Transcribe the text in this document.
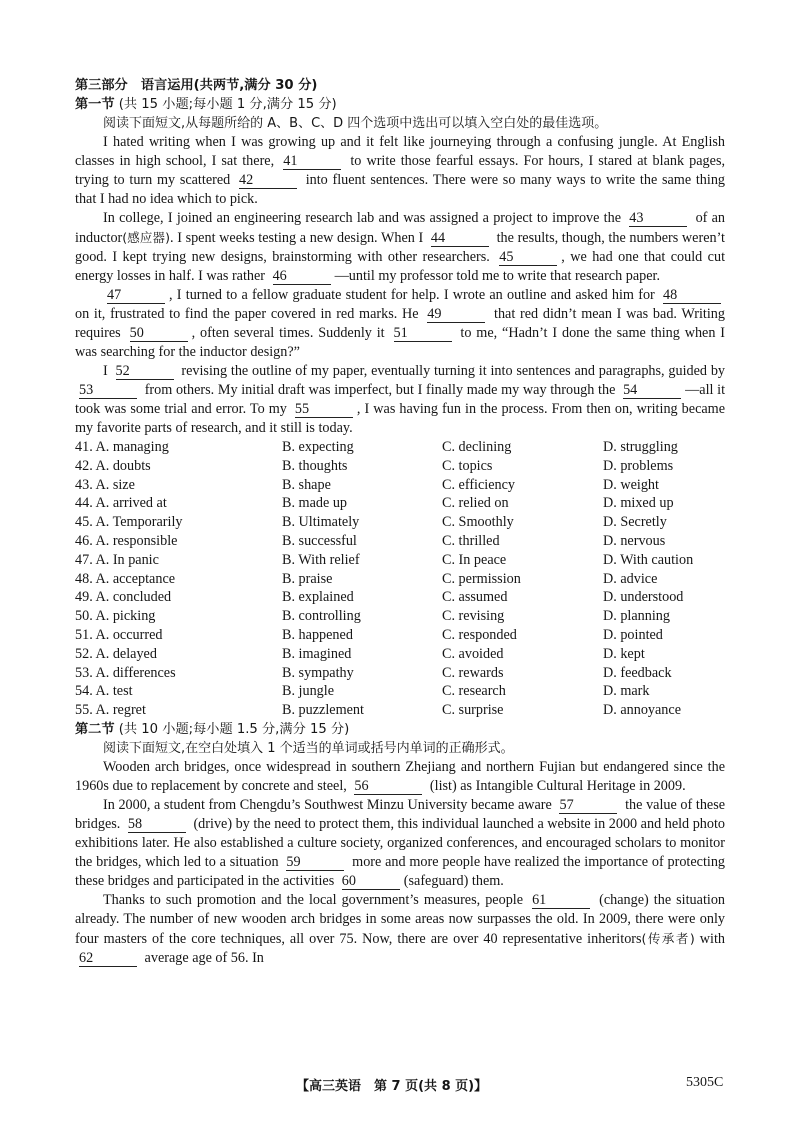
第三部分　语言运用(共两节,满分 30 分)
第一节 (共 15 小题;每小题 1 分,满分 15 分)
阅读下面短文,从每题所给的 A、B、C、D 四个选项中选出可以填入空白处的最佳选项。
I hated writing when I was growing up and it felt like journeying through a confusing jungle. At English classes in high school, I sat there, 41	to write those fearful essays. For hours, I stared at blank pages, trying to turn my scattered 42	into fluent sentences. There were so many ways to write the same thing that I had no idea which to pick.
In college, I joined an engineering research lab and was assigned a project to improve the 43	of an inductor(感应器). I spent weeks testing a new design. When I 44	the results, though, the numbers weren’t good. I kept trying new designs, brainstorming with other researchers. 45	, we had one that could cut energy losses in half. I was rather 46	—until my professor told me to write that research paper.
47	, I turned to a fellow graduate student for help. I wrote an outline and asked him for 48 on it, frustrated to find the paper covered in red marks. He 49	that red didn’t mean I was bad. Writing requires 50	, often several times. Suddenly it 51	to me, “Hadn’t I done the same thing when I was searching for the inductor design?”
I 52	revising the outline of my paper, eventually turning it into sentences and paragraphs, guided by 53	from others. My initial draft was imperfect, but I finally made my way through the 54	—all it took was some trial and error. To my 55	, I was having fun in the process. From then on, writing became my favorite parts of research, and it still is today.
41. A. managing	B. expecting	C. declining	D. struggling
42. A. doubts	B. thoughts	C. topics	D. problems
43. A. size	B. shape	C. efficiency	D. weight
44. A. arrived at	B. made up	C. relied on	D. mixed up
45. A. Temporarily	B. Ultimately	C. Smoothly	D. Secretly
46. A. responsible	B. successful	C. thrilled	D. nervous
47. A. In panic	B. With relief	C. In peace	D. With caution
48. A. acceptance	B. praise	C. permission	D. advice
49. A. concluded	B. explained	C. assumed	D. understood
50. A. picking	B. controlling	C. revising	D. planning
51. A. occurred	B. happened	C. responded	D. pointed
52. A. delayed	B. imagined	C. avoided	D. kept
53. A. differences	B. sympathy	C. rewards	D. feedback
54. A. test	B. jungle	C. research	D. mark
55. A. regret	B. puzzlement	C. surprise	D. annoyance
第二节 (共 10 小题;每小题 1.5 分,满分 15 分)
阅读下面短文,在空白处填入 1 个适当的单词或括号内单词的正确形式。
Wooden arch bridges, once widespread in southern Zhejiang and northern Fujian but endangered since the 1960s due to replacement by concrete and steel, 56	(list) as Intangible Cultural Heritage in 2009.
In 2000, a student from Chengdu’s Southwest Minzu University became aware 57	the value of these bridges. 58	(drive) by the need to protect them, this individual launched a website in 2000 and held photo exhibitions later. He also established a culture society, organized conferences, and encouraged scholars to monitor the bridges, which led to a situation 59	more and more people have realized the importance of protecting these bridges and participated in the activities 60	(safeguard) them.
Thanks to such promotion and the local government’s measures, people 61	(change) the situation already. The number of new wooden arch bridges in some areas now surpasses the old. In 2009, there were only four masters of the core techniques, all over 75. Now, there are over 40 representative inheritors(传承者) with 62	average age of 56. In
【高三英语　第 7 页(共 8 页)】	5305C
